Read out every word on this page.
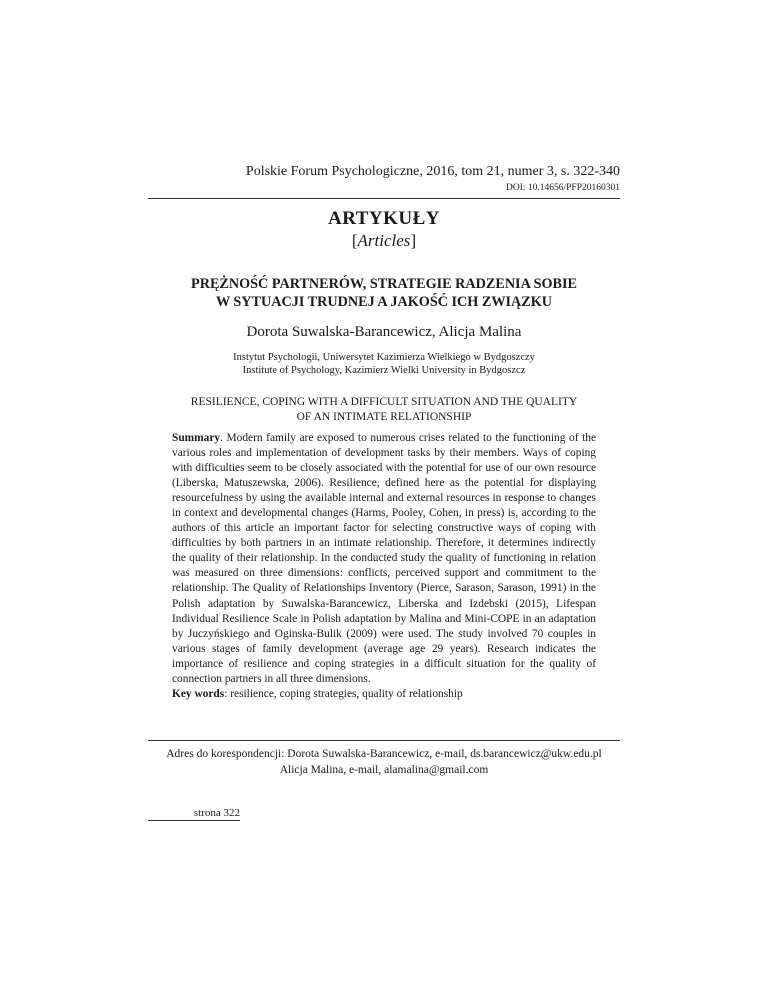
Polskie Forum Psychologiczne, 2016, tom 21, numer 3, s. 322-340
DOI: 10.14656/PFP20160301
ARTYKUŁY
[Articles]
PRĘŻNOŚĆ PARTNERÓW, STRATEGIE RADZENIA SOBIE
W SYTUACJI TRUDNEJ A JAKOŚĆ ICH ZWIĄZKU
Dorota Suwalska-Barancewicz, Alicja Malina
Instytut Psychologii, Uniwersytet Kazimierza Wielkiego w Bydgoszczy
Institute of Psychology, Kazimierz Wielki University in Bydgoszcz
RESILIENCE, COPING WITH A DIFFICULT SITUATION AND THE QUALITY
OF AN INTIMATE RELATIONSHIP
Summary. Modern family are exposed to numerous crises related to the functioning of the various roles and implementation of development tasks by their members. Ways of coping with difficulties seem to be closely associated with the potential for use of our own resource (Liberska, Matuszewska, 2006). Resilience, defined here as the potential for displaying resourcefulness by using the available internal and external resources in response to changes in context and developmental changes (Harms, Pooley, Cohen, in press) is, according to the authors of this article an important factor for selecting constructive ways of coping with difficulties by both partners in an intimate relationship. Therefore, it determines indirectly the quality of their relationship. In the conducted study the quality of functioning in relation was measured on three dimensions: conflicts, perceived support and commitment to the relationship. The Quality of Relationships Inventory (Pierce, Sarason, Sarason, 1991) in the Polish adaptation by Suwalska-Barancewicz, Liberska and Izdebski (2015), Lifespan Individual Resilience Scale in Polish adaptation by Malina and Mini-COPE in an adaptation by Juczyńskiego and Oginska-Bulik (2009) were used. The study involved 70 couples in various stages of family development (average age 29 years). Research indicates the importance of resilience and coping strategies in a difficult situation for the quality of connection partners in all three dimensions.
Key words: resilience, coping strategies, quality of relationship
Adres do korespondencji: Dorota Suwalska-Barancewicz, e-mail, ds.barancewicz@ukw.edu.pl
Alicja Malina, e-mail, alamalina@gmail.com
strona 322
